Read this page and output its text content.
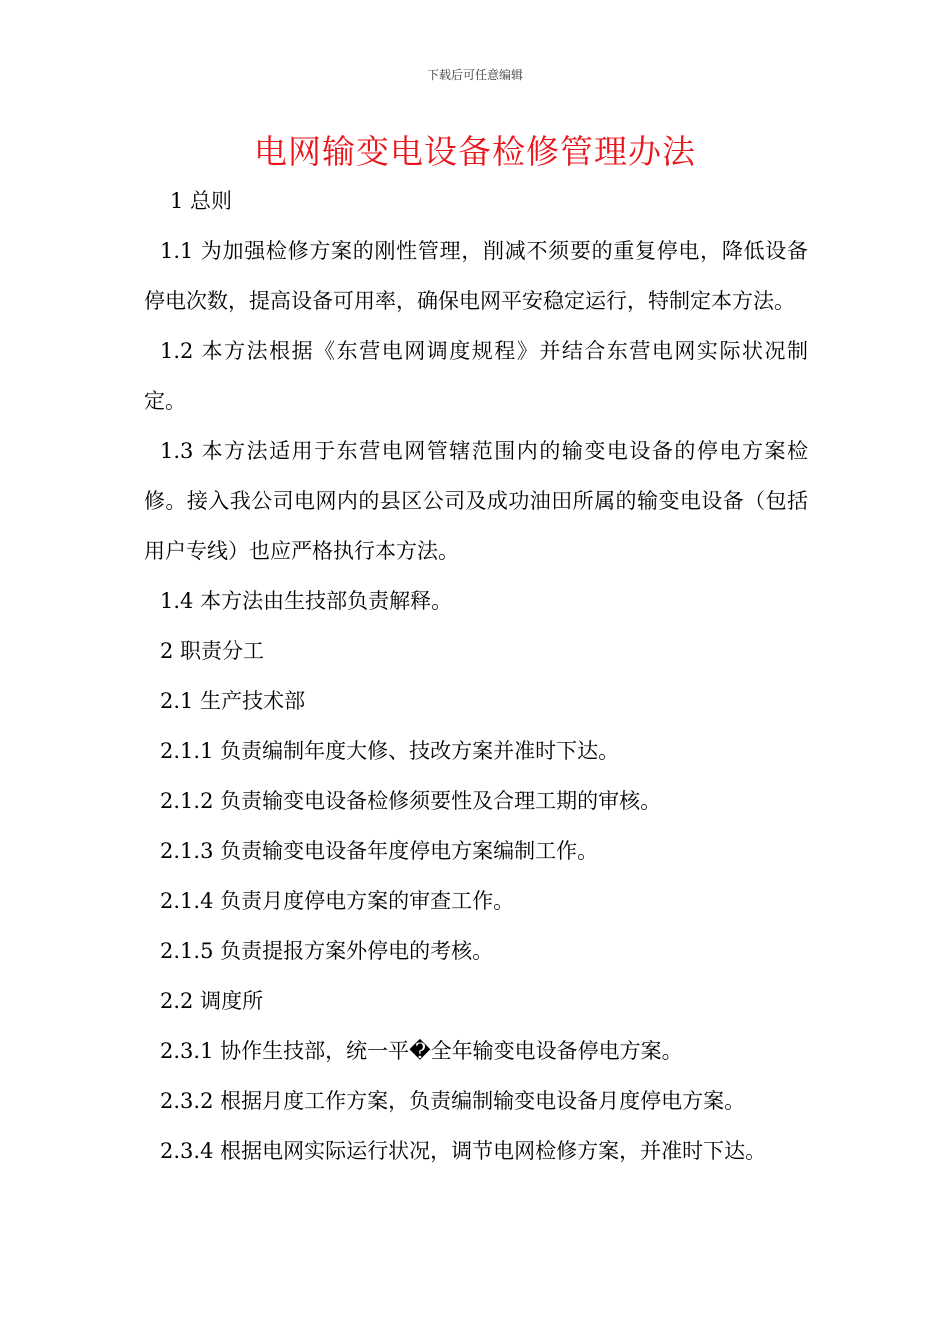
下载后可任意编辑
电网输变电设备检修管理办法

1 总则

1.1 为加强检修方案的刚性管理，削减不须要的重复停电，降低设备停电次数，提高设备可用率，确保电网平安稳定运行，特制定本方法。

1.2 本方法根据《东营电网调度规程》并结合东营电网实际状况制定。

1.3 本方法适用于东营电网管辖范围内的输变电设备的停电方案检修。接入我公司电网内的县区公司及成功油田所属的输变电设备（包括用户专线）也应严格执行本方法。

1.4 本方法由生技部负责解释。

2 职责分工

2.1 生产技术部

2.1.1 负责编制年度大修、技改方案并准时下达。

2.1.2 负责输变电设备检修须要性及合理工期的审核。

2.1.3 负责输变电设备年度停电方案编制工作。

2.1.4 负责月度停电方案的审查工作。

2.1.5 负责提报方案外停电的考核。

2.2 调度所

2.3.1 协作生技部，统一平�全年输变电设备停电方案。

2.3.2 根据月度工作方案，负责编制输变电设备月度停电方案。

2.3.4 根据电网实际运行状况，调节电网检修方案，并准时下达。
